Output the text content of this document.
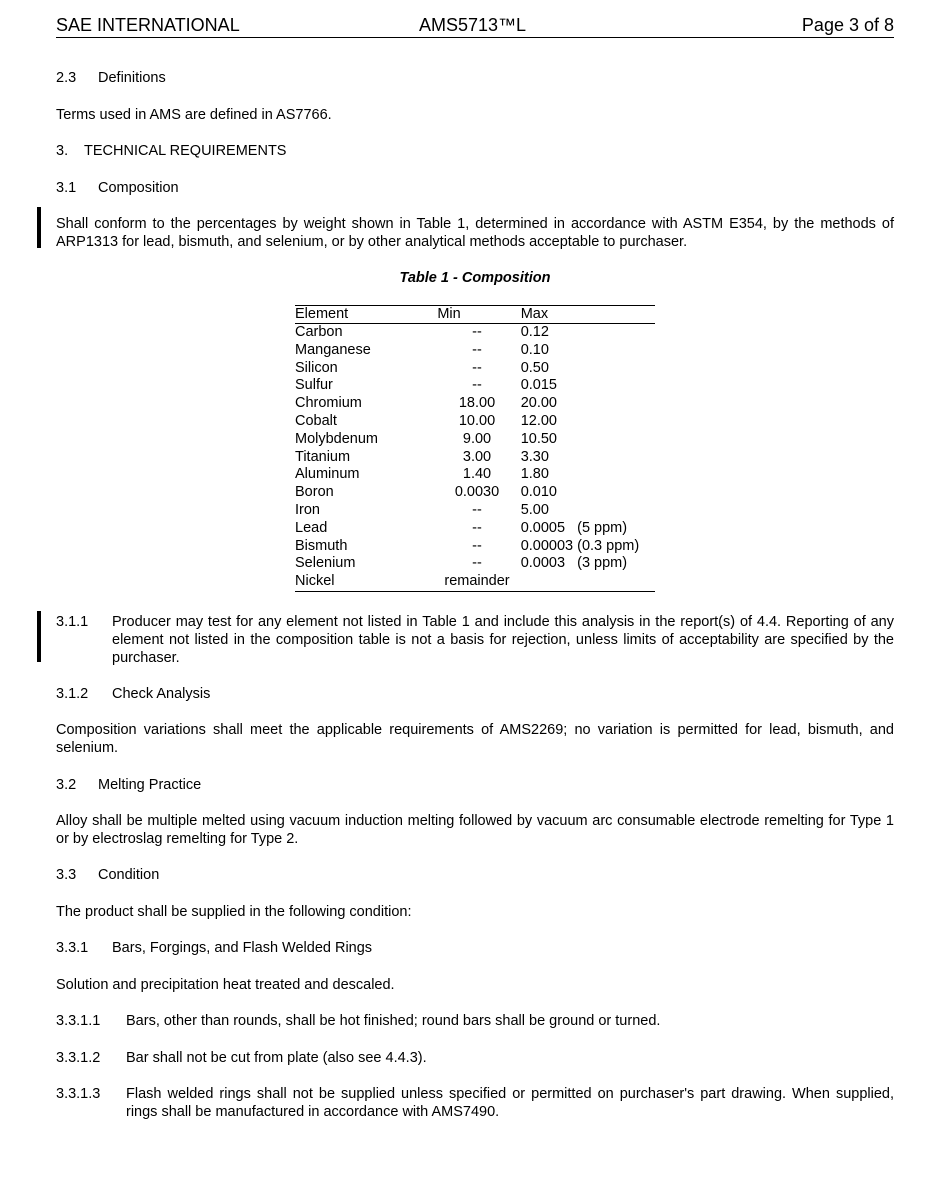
SAE INTERNATIONAL	AMS5713™L	Page 3 of 8
2.3 Definitions
Terms used in AMS are defined in AS7766.
3. TECHNICAL REQUIREMENTS
3.1 Composition
Shall conform to the percentages by weight shown in Table 1, determined in accordance with ASTM E354, by the methods of ARP1313 for lead, bismuth, and selenium, or by other analytical methods acceptable to purchaser.
Table 1 - Composition
Element	Min	Max
Carbon	--	0.12
Manganese	--	0.10
Silicon	--	0.50
Sulfur	--	0.015
Chromium	18.00	20.00
Cobalt	10.00	12.00
Molybdenum	9.00	10.50
Titanium	3.00	3.30
Aluminum	1.40	1.80
Boron	0.0030	0.010
Iron	--	5.00
Lead	--	0.0005   (5 ppm)
Bismuth	--	0.00003 (0.3 ppm)
Selenium	--	0.0003   (3 ppm)
Nickel	remainder	
3.1.1 Producer may test for any element not listed in Table 1 and include this analysis in the report(s) of 4.4. Reporting of any element not listed in the composition table is not a basis for rejection, unless limits of acceptability are specified by the purchaser.
3.1.2 Check Analysis
Composition variations shall meet the applicable requirements of AMS2269; no variation is permitted for lead, bismuth, and selenium.
3.2 Melting Practice
Alloy shall be multiple melted using vacuum induction melting followed by vacuum arc consumable electrode remelting for Type 1 or by electroslag remelting for Type 2.
3.3 Condition
The product shall be supplied in the following condition:
3.3.1 Bars, Forgings, and Flash Welded Rings
Solution and precipitation heat treated and descaled.
3.3.1.1 Bars, other than rounds, shall be hot finished; round bars shall be ground or turned.
3.3.1.2 Bar shall not be cut from plate (also see 4.4.3).
3.3.1.3 Flash welded rings shall not be supplied unless specified or permitted on purchaser's part drawing. When supplied, rings shall be manufactured in accordance with AMS7490.
